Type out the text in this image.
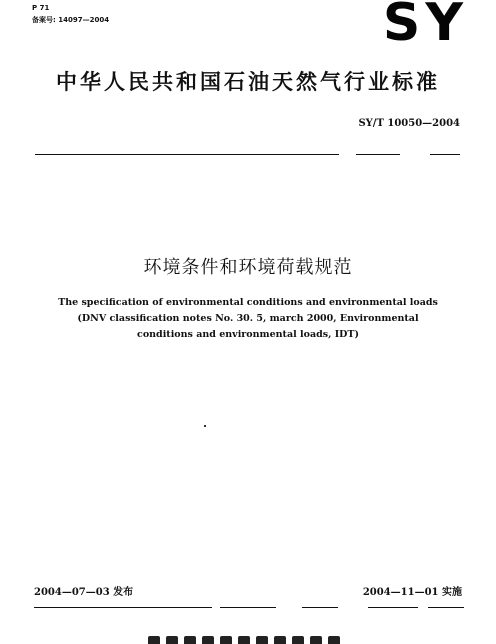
P 71
备案号: 14097—2004	SY
中华人民共和国石油天然气行业标准
SY/T 10050—2004
环境条件和环境荷载规范
The specification of environmental conditions and environmental loads
(DNV classification notes No. 30. 5, march 2000, Environmental
conditions and environmental loads, IDT)
2004—07—03 发布	2004—11—01 实施
